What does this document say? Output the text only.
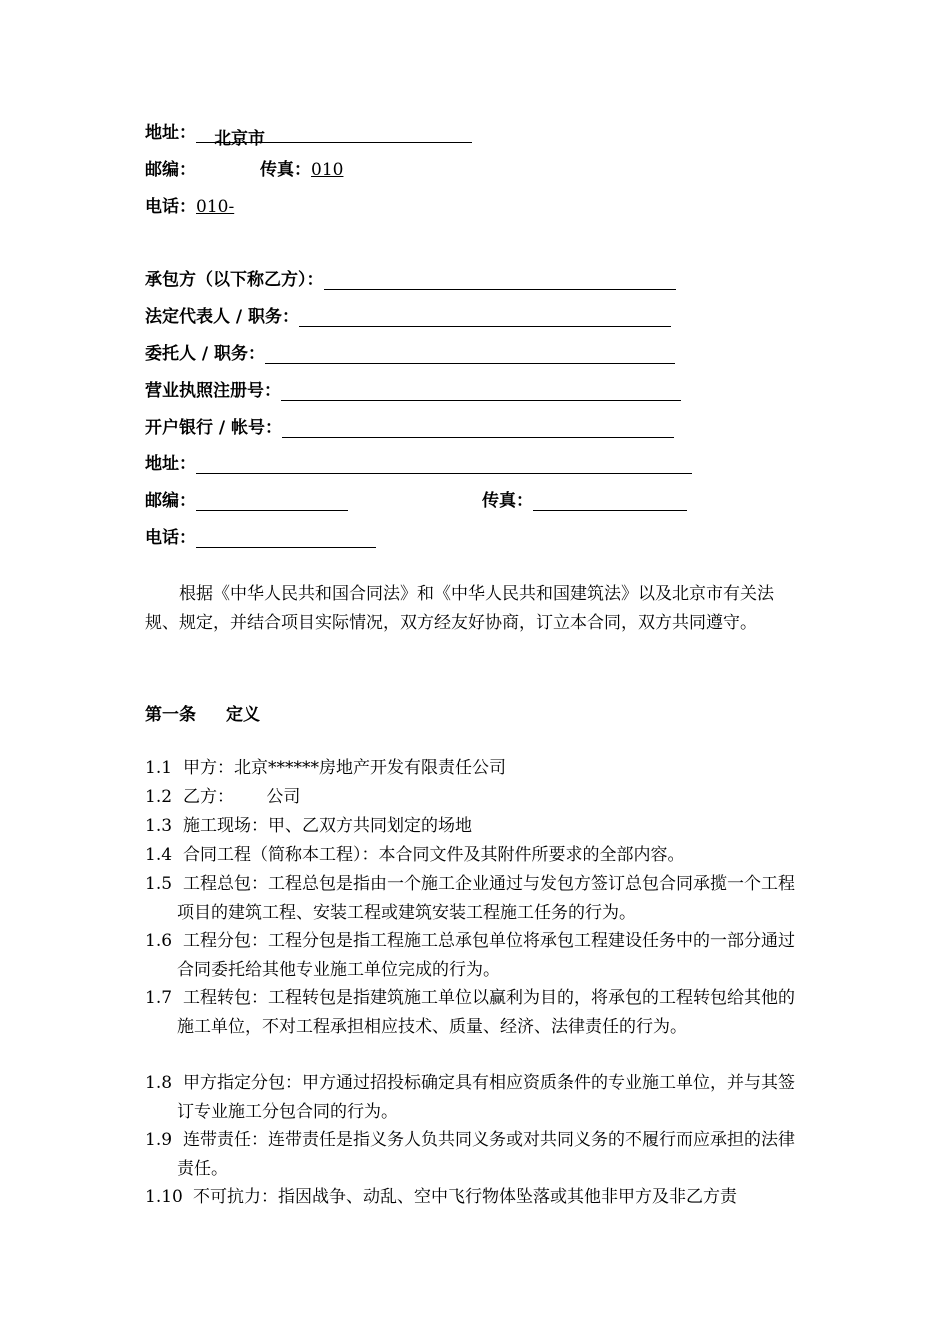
地址： 北京市
邮编：	传真：010
电话：010-
承包方（以下称乙方）：
法定代表人 / 职务：
委托人 / 职务：
营业执照注册号：
开户银行 / 帐号：
地址：
邮编：	传真：
电话：
根据《中华人民共和国合同法》和《中华人民共和国建筑法》以及北京市有关法规、规定，并结合项目实际情况，双方经友好协商，订立本合同，双方共同遵守。
第一条 定义
1.1 甲方：北京******房地产开发有限责任公司
1.2 乙方：      公司
1.3 施工现场：甲、乙双方共同划定的场地
1.4 合同工程（简称本工程）：本合同文件及其附件所要求的全部内容。
1.5 工程总包：工程总包是指由一个施工企业通过与发包方签订总包合同承揽一个工程项目的建筑工程、安装工程或建筑安装工程施工任务的行为。
1.6 工程分包：工程分包是指工程施工总承包单位将承包工程建设任务中的一部分通过合同委托给其他专业施工单位完成的行为。
1.7 工程转包：工程转包是指建筑施工单位以赢利为目的，将承包的工程转包给其他的施工单位，不对工程承担相应技术、质量、经济、法律责任的行为。
1.8 甲方指定分包：甲方通过招投标确定具有相应资质条件的专业施工单位，并与其签订专业施工分包合同的行为。
1.9 连带责任：连带责任是指义务人负共同义务或对共同义务的不履行而应承担的法律责任。
1.10 不可抗力：指因战争、动乱、空中飞行物体坠落或其他非甲方及非乙方责
